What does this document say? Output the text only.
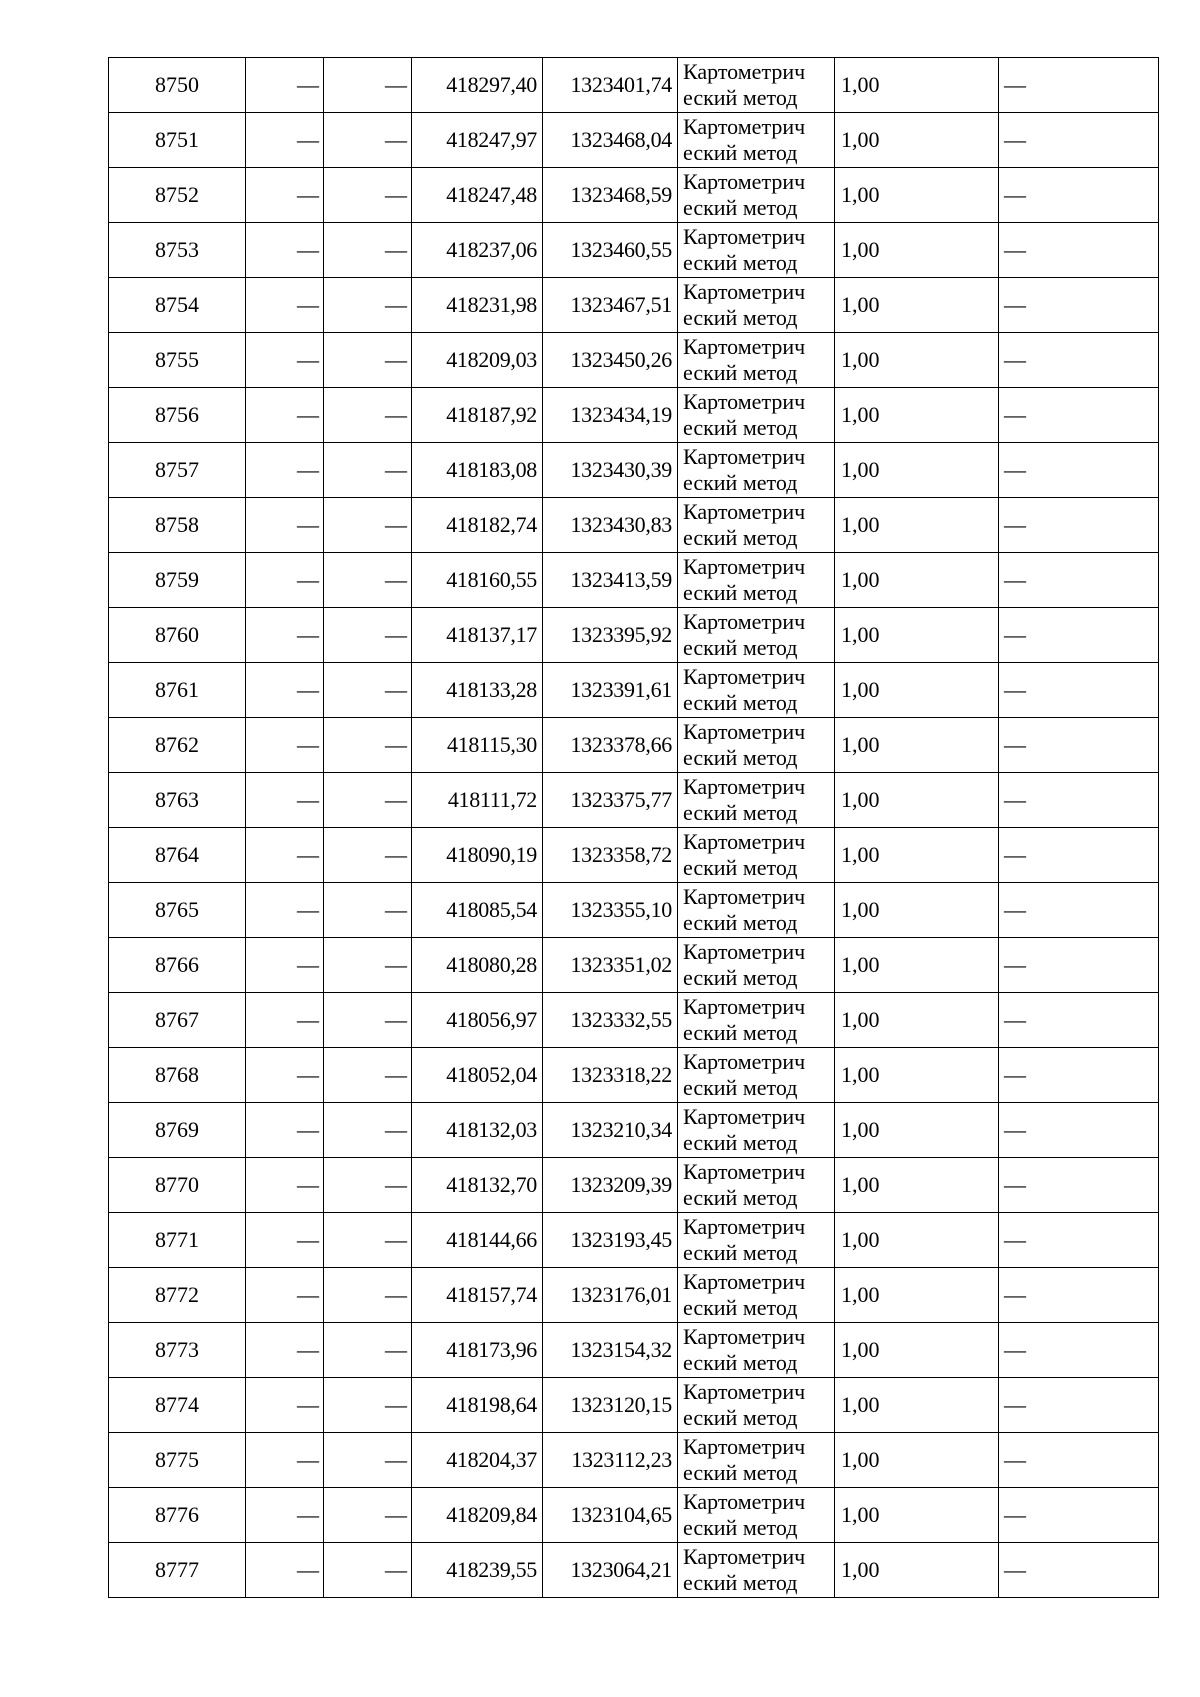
8750	—	—	418297,40	1323401,74	Картометрич
еский метод	1,00	—
8751	—	—	418247,97	1323468,04	Картометрич
еский метод	1,00	—
8752	—	—	418247,48	1323468,59	Картометрич
еский метод	1,00	—
8753	—	—	418237,06	1323460,55	Картометрич
еский метод	1,00	—
8754	—	—	418231,98	1323467,51	Картометрич
еский метод	1,00	—
8755	—	—	418209,03	1323450,26	Картометрич
еский метод	1,00	—
8756	—	—	418187,92	1323434,19	Картометрич
еский метод	1,00	—
8757	—	—	418183,08	1323430,39	Картометрич
еский метод	1,00	—
8758	—	—	418182,74	1323430,83	Картометрич
еский метод	1,00	—
8759	—	—	418160,55	1323413,59	Картометрич
еский метод	1,00	—
8760	—	—	418137,17	1323395,92	Картометрич
еский метод	1,00	—
8761	—	—	418133,28	1323391,61	Картометрич
еский метод	1,00	—
8762	—	—	418115,30	1323378,66	Картометрич
еский метод	1,00	—
8763	—	—	418111,72	1323375,77	Картометрич
еский метод	1,00	—
8764	—	—	418090,19	1323358,72	Картометрич
еский метод	1,00	—
8765	—	—	418085,54	1323355,10	Картометрич
еский метод	1,00	—
8766	—	—	418080,28	1323351,02	Картометрич
еский метод	1,00	—
8767	—	—	418056,97	1323332,55	Картометрич
еский метод	1,00	—
8768	—	—	418052,04	1323318,22	Картометрич
еский метод	1,00	—
8769	—	—	418132,03	1323210,34	Картометрич
еский метод	1,00	—
8770	—	—	418132,70	1323209,39	Картометрич
еский метод	1,00	—
8771	—	—	418144,66	1323193,45	Картометрич
еский метод	1,00	—
8772	—	—	418157,74	1323176,01	Картометрич
еский метод	1,00	—
8773	—	—	418173,96	1323154,32	Картометрич
еский метод	1,00	—
8774	—	—	418198,64	1323120,15	Картометрич
еский метод	1,00	—
8775	—	—	418204,37	1323112,23	Картометрич
еский метод	1,00	—
8776	—	—	418209,84	1323104,65	Картометрич
еский метод	1,00	—
8777	—	—	418239,55	1323064,21	Картометрич
еский метод	1,00	—
